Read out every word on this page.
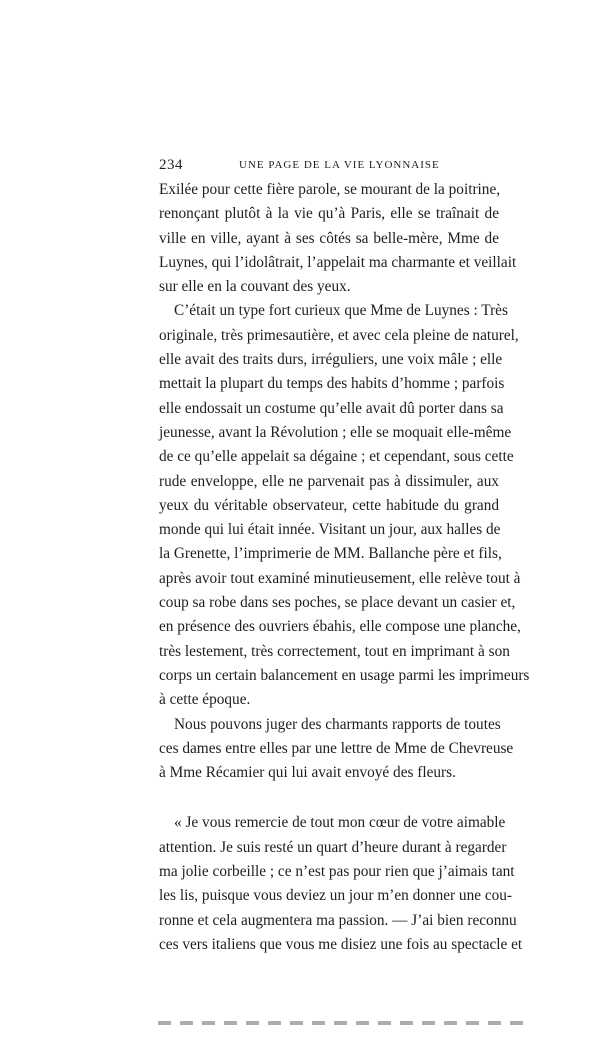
234	UNE PAGE DE LA VIE LYONNAISE
Exilée pour cette fière parole, se mourant de la poitrine,
renonçant plutôt à la vie qu’à Paris, elle se traînait de
ville en ville, ayant à ses côtés sa belle-mère, Mme de
Luynes, qui l’idolâtrait, l’appelait ma charmante et veillait
sur elle en la couvant des yeux.
C’était un type fort curieux que Mme de Luynes : Très
originale, très primesautière, et avec cela pleine de naturel,
elle avait des traits durs, irréguliers, une voix mâle ; elle
mettait la plupart du temps des habits d’homme ; parfois
elle endossait un costume qu’elle avait dû porter dans sa
jeunesse, avant la Révolution ; elle se moquait elle-même
de ce qu’elle appelait sa dégaine ; et cependant, sous cette
rude enveloppe, elle ne parvenait pas à dissimuler, aux
yeux du véritable observateur, cette habitude du grand
monde qui lui était innée. Visitant un jour, aux halles de
la Grenette, l’imprimerie de MM. Ballanche père et fils,
après avoir tout examiné minutieusement, elle relève tout à
coup sa robe dans ses poches, se place devant un casier et,
en présence des ouvriers ébahis, elle compose une planche,
très lestement, très correctement, tout en imprimant à son
corps un certain balancement en usage parmi les imprimeurs
à cette époque.
Nous pouvons juger des charmants rapports de toutes
ces dames entre elles par une lettre de Mme de Chevreuse
à Mme Récamier qui lui avait envoyé des fleurs.
« Je vous remercie de tout mon cœur de votre aimable
attention. Je suis resté un quart d’heure durant à regarder
ma jolie corbeille ; ce n’est pas pour rien que j’aimais tant
les lis, puisque vous deviez un jour m’en donner une cou-
ronne et cela augmentera ma passion. — J’ai bien reconnu
ces vers italiens que vous me disiez une fois au spectacle et
